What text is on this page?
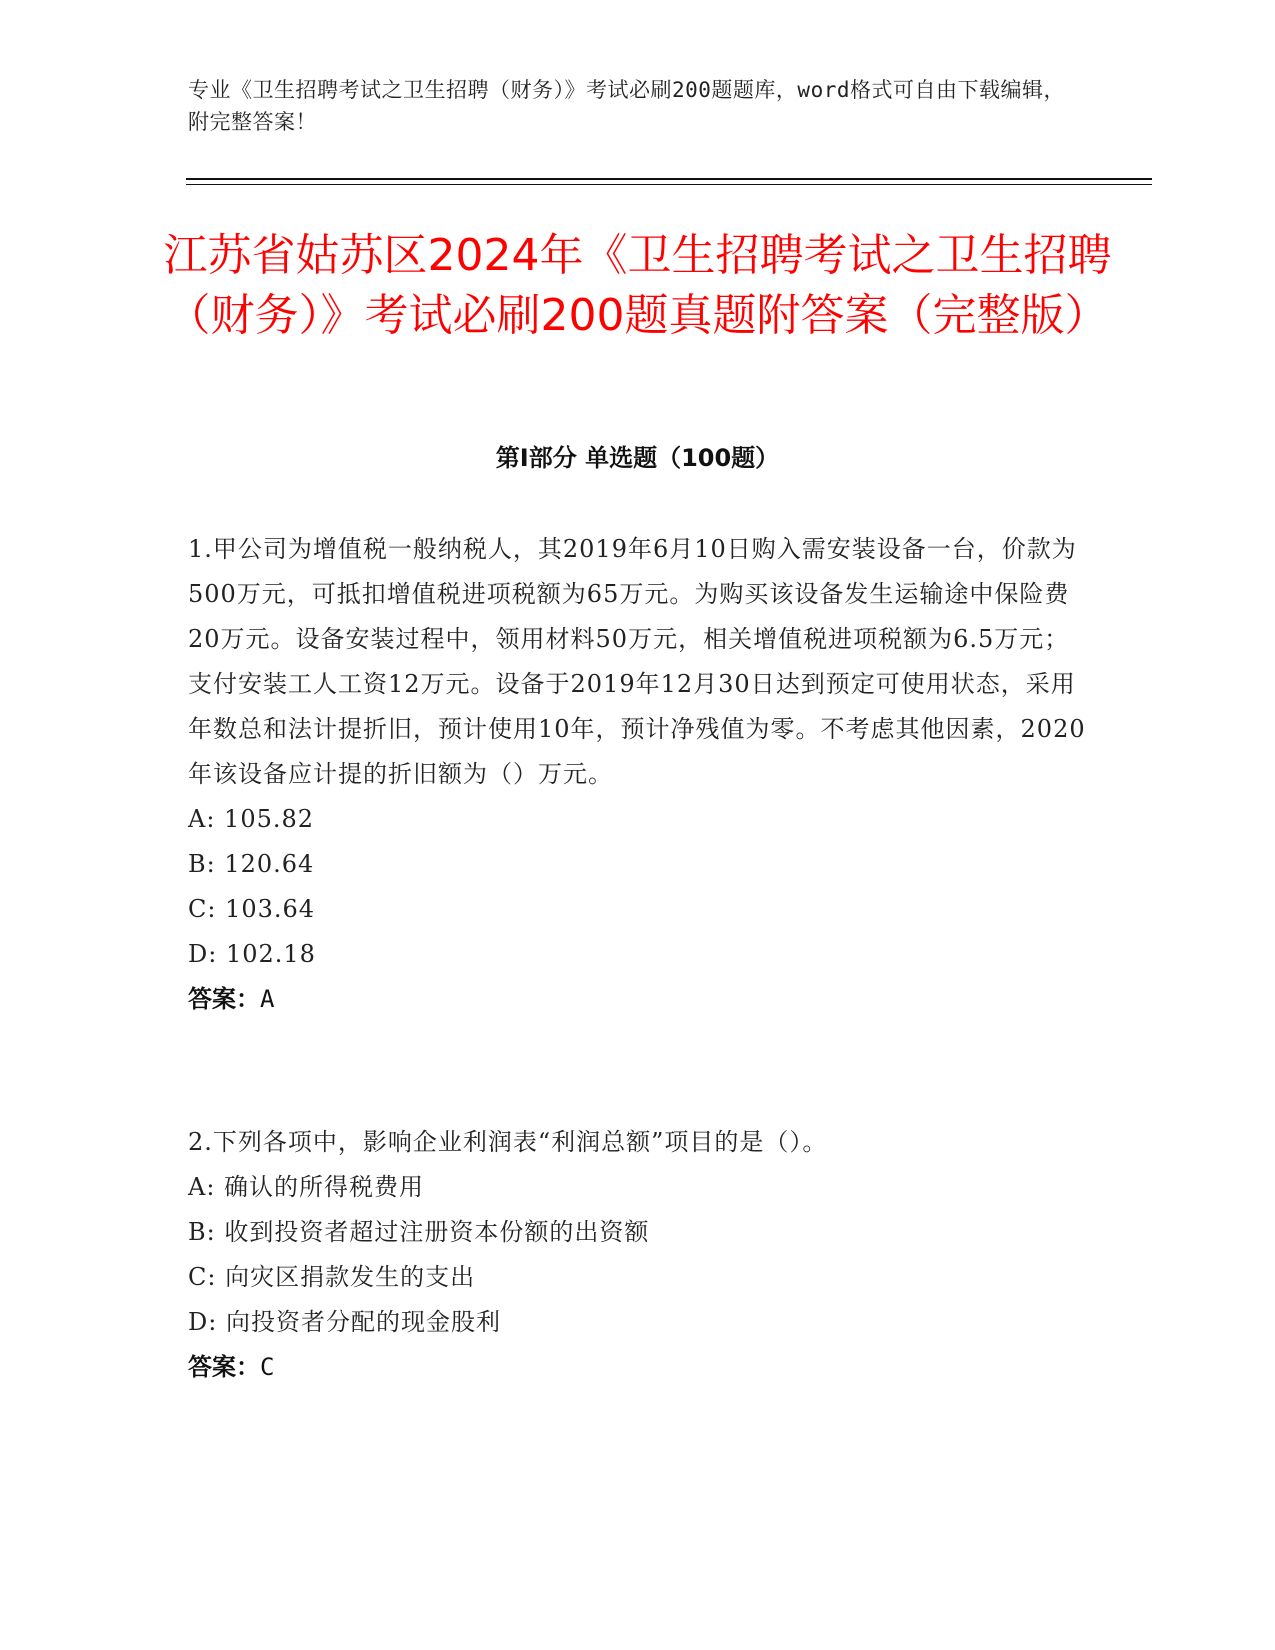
专业《卫生招聘考试之卫生招聘（财务）》考试必刷200题题库，word格式可自由下载编辑，附完整答案！
江苏省姑苏区2024年《卫生招聘考试之卫生招聘（财务）》考试必刷200题真题附答案（完整版）
第I部分 单选题（100题）
1.甲公司为增值税一般纳税人，其2019年6月10日购入需安装设备一台，价款为500万元，可抵扣增值税进项税额为65万元。为购买该设备发生运输途中保险费20万元。设备安装过程中，领用材料50万元，相关增值税进项税额为6.5万元；支付安装工人工资12万元。设备于2019年12月30日达到预定可使用状态，采用年数总和法计提折旧，预计使用10年，预计净残值为零。不考虑其他因素，2020年该设备应计提的折旧额为（）万元。
A: 105.82
B: 120.64
C: 103.64
D: 102.18
答案：A
2.下列各项中，影响企业利润表“利润总额”项目的是（）。
A: 确认的所得税费用
B: 收到投资者超过注册资本份额的出资额
C: 向灾区捐款发生的支出
D: 向投资者分配的现金股利
答案：C
